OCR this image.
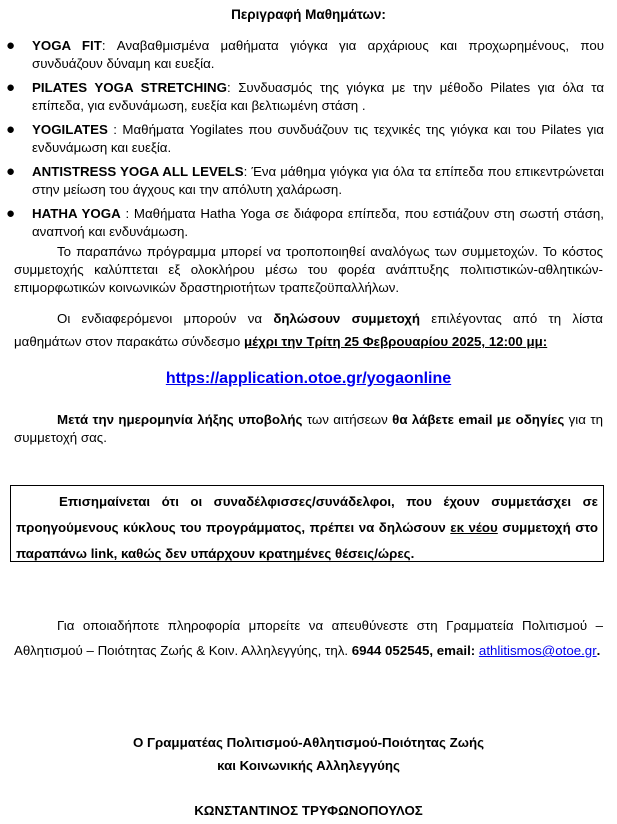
Περιγραφή Μαθημάτων:
● YOGA FIT: Αναβαθμισμένα μαθήματα γιόγκα για αρχάριους και προχωρημένους, που συνδυάζουν δύναμη και ευεξία.
● PILATES YOGA STRETCHING: Συνδυασμός της γιόγκα με την μέθοδο Pilates για όλα τα επίπεδα, για ενδυνάμωση, ευεξία και βελτιωμένη στάση .
● YOGILATES : Μαθήματα Yogilates που συνδυάζουν τις τεχνικές της γιόγκα και του Pilates για ενδυνάμωση και ευεξία.
● ANTISTRESS YOGA ALL LEVELS: Ένα μάθημα γιόγκα για όλα τα επίπεδα που επικεντρώνεται στην μείωση του άγχους και την απόλυτη χαλάρωση.
● HATHA YOGA : Μαθήματα Hatha Yoga σε διάφορα επίπεδα, που εστιάζουν στη σωστή στάση, αναπνοή και ενδυνάμωση.
Το παραπάνω πρόγραμμα μπορεί να τροποποιηθεί αναλόγως των συμμετοχών. Το κόστος συμμετοχής καλύπτεται εξ ολοκλήρου μέσω του φορέα ανάπτυξης πολιτιστικών-αθλητικών-επιμορφωτικών κοινωνικών δραστηριοτήτων τραπεζοϋπαλλήλων.
Οι ενδιαφερόμενοι μπορούν να δηλώσουν συμμετοχή επιλέγοντας από τη λίστα μαθημάτων στον παρακάτω σύνδεσμο μέχρι την Τρίτη 25 Φεβρουαρίου 2025, 12:00 μμ:
https://application.otoe.gr/yogaonline
Μετά την ημερομηνία λήξης υποβολής των αιτήσεων θα λάβετε email με οδηγίες για τη συμμετοχή σας.

Επισημαίνεται ότι οι συναδέλφισσες/συνάδελφοι, που έχουν συμμετάσχει σε προηγούμενους κύκλους του προγράμματος, πρέπει να δηλώσουν εκ νέου συμμετοχή στο παραπάνω link, καθώς δεν υπάρχουν κρατημένες θέσεις/ώρες.

Για οποιαδήποτε πληροφορία μπορείτε να απευθύνεστε στη Γραμματεία Πολιτισμού – Αθλητισμού – Ποιότητας Ζωής & Κοιν. Αλληλεγγύης, τηλ. 6944 052545, email: athlitismos@otoe.gr.
Ο Γραμματέας Πολιτισμού-Αθλητισμού-Ποιότητας Ζωής
και Κοινωνικής Αλληλεγγύης
ΚΩΝΣΤΑΝΤΙΝΟΣ ΤΡΥΦΩΝΟΠΟΥΛΟΣ
